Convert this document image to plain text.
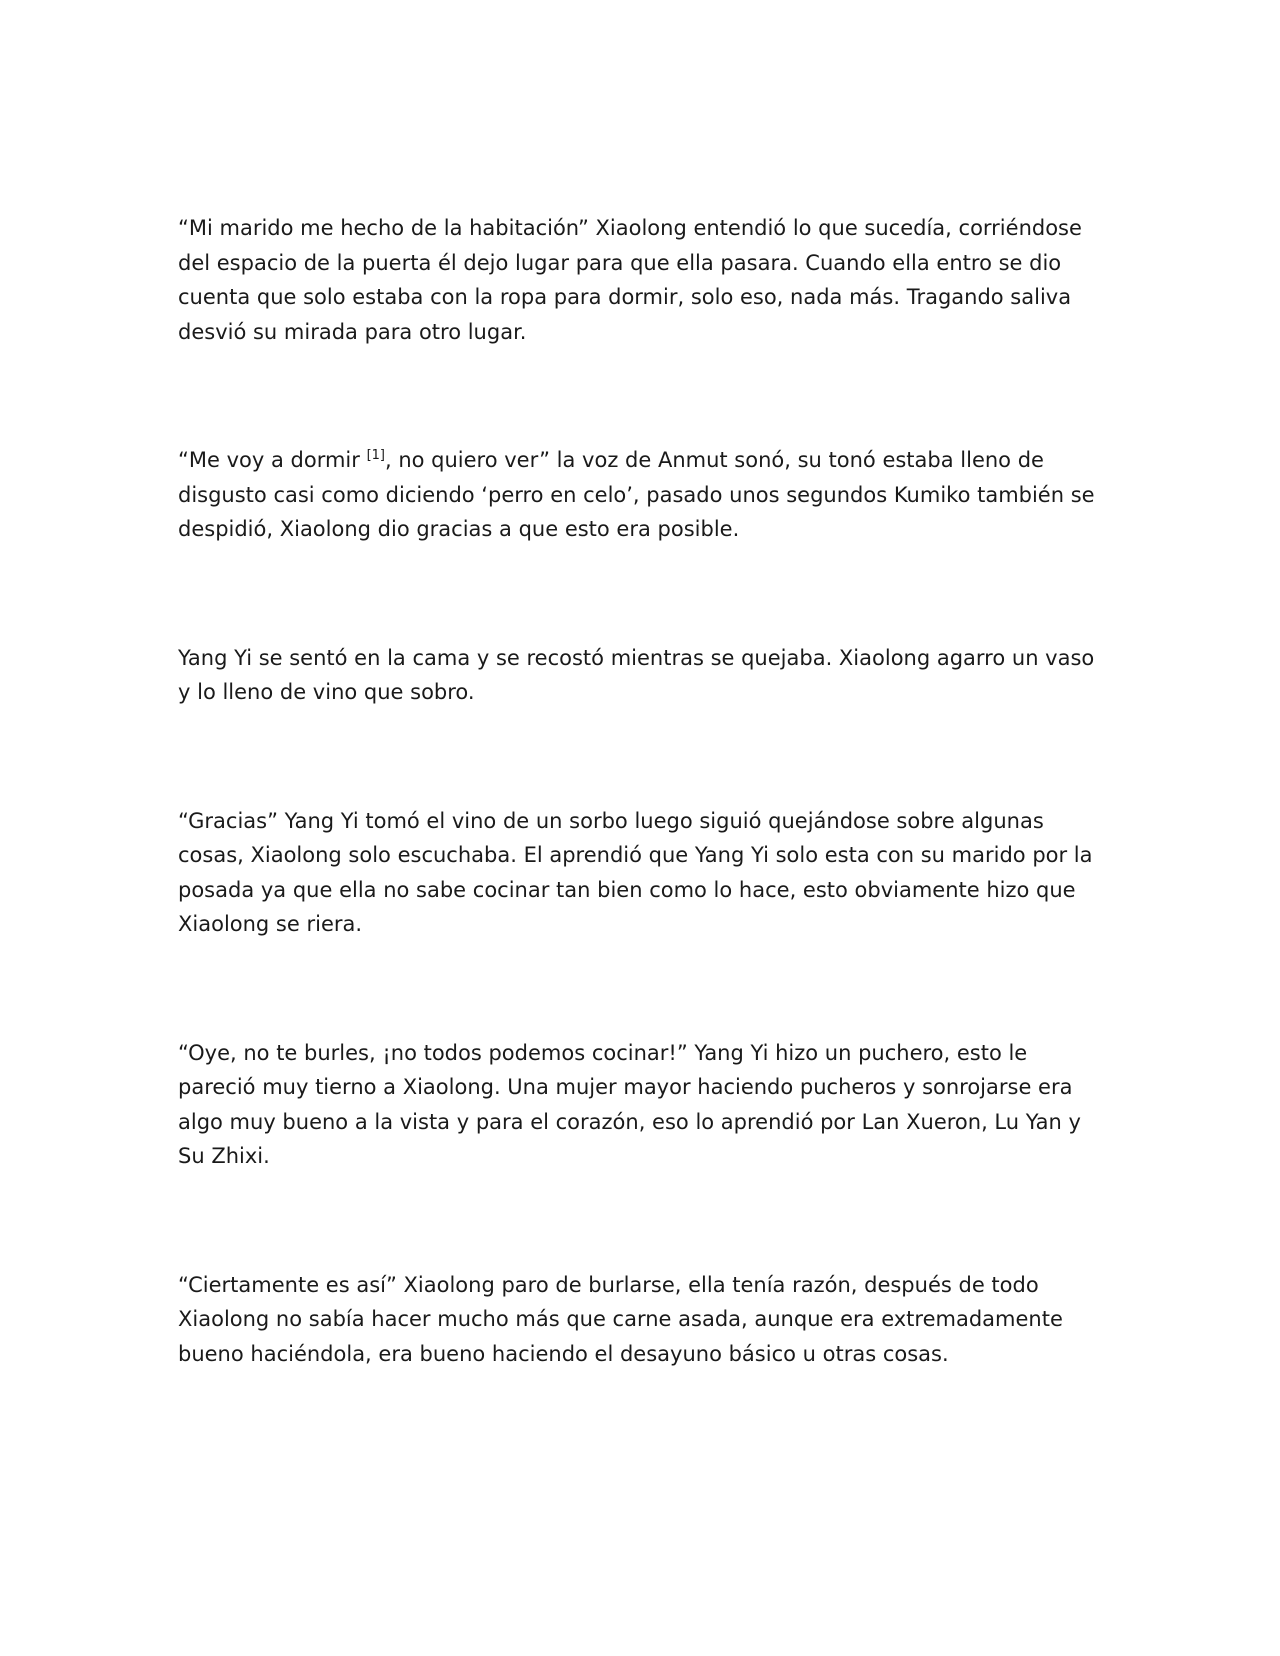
“Mi marido me hecho de la habitación” Xiaolong entendió lo que sucedía, corriéndose
del espacio de la puerta él dejo lugar para que ella pasara. Cuando ella entro se dio
cuenta que solo estaba con la ropa para dormir, solo eso, nada más. Tragando saliva
desvió su mirada para otro lugar.

“Me voy a dormir [1], no quiero ver” la voz de Anmut sonó, su tonó estaba lleno de
disgusto casi como diciendo ‘perro en celo’, pasado unos segundos Kumiko también se
despidió, Xiaolong dio gracias a que esto era posible.

Yang Yi se sentó en la cama y se recostó mientras se quejaba. Xiaolong agarro un vaso
y lo lleno de vino que sobro.

“Gracias” Yang Yi tomó el vino de un sorbo luego siguió quejándose sobre algunas
cosas, Xiaolong solo escuchaba. El aprendió que Yang Yi solo esta con su marido por la
posada ya que ella no sabe cocinar tan bien como lo hace, esto obviamente hizo que
Xiaolong se riera.

“Oye, no te burles, ¡no todos podemos cocinar!” Yang Yi hizo un puchero, esto le
pareció muy tierno a Xiaolong. Una mujer mayor haciendo pucheros y sonrojarse era
algo muy bueno a la vista y para el corazón, eso lo aprendió por Lan Xueron, Lu Yan y
Su Zhixi.

“Ciertamente es así” Xiaolong paro de burlarse, ella tenía razón, después de todo
Xiaolong no sabía hacer mucho más que carne asada, aunque era extremadamente
bueno haciéndola, era bueno haciendo el desayuno básico u otras cosas.
